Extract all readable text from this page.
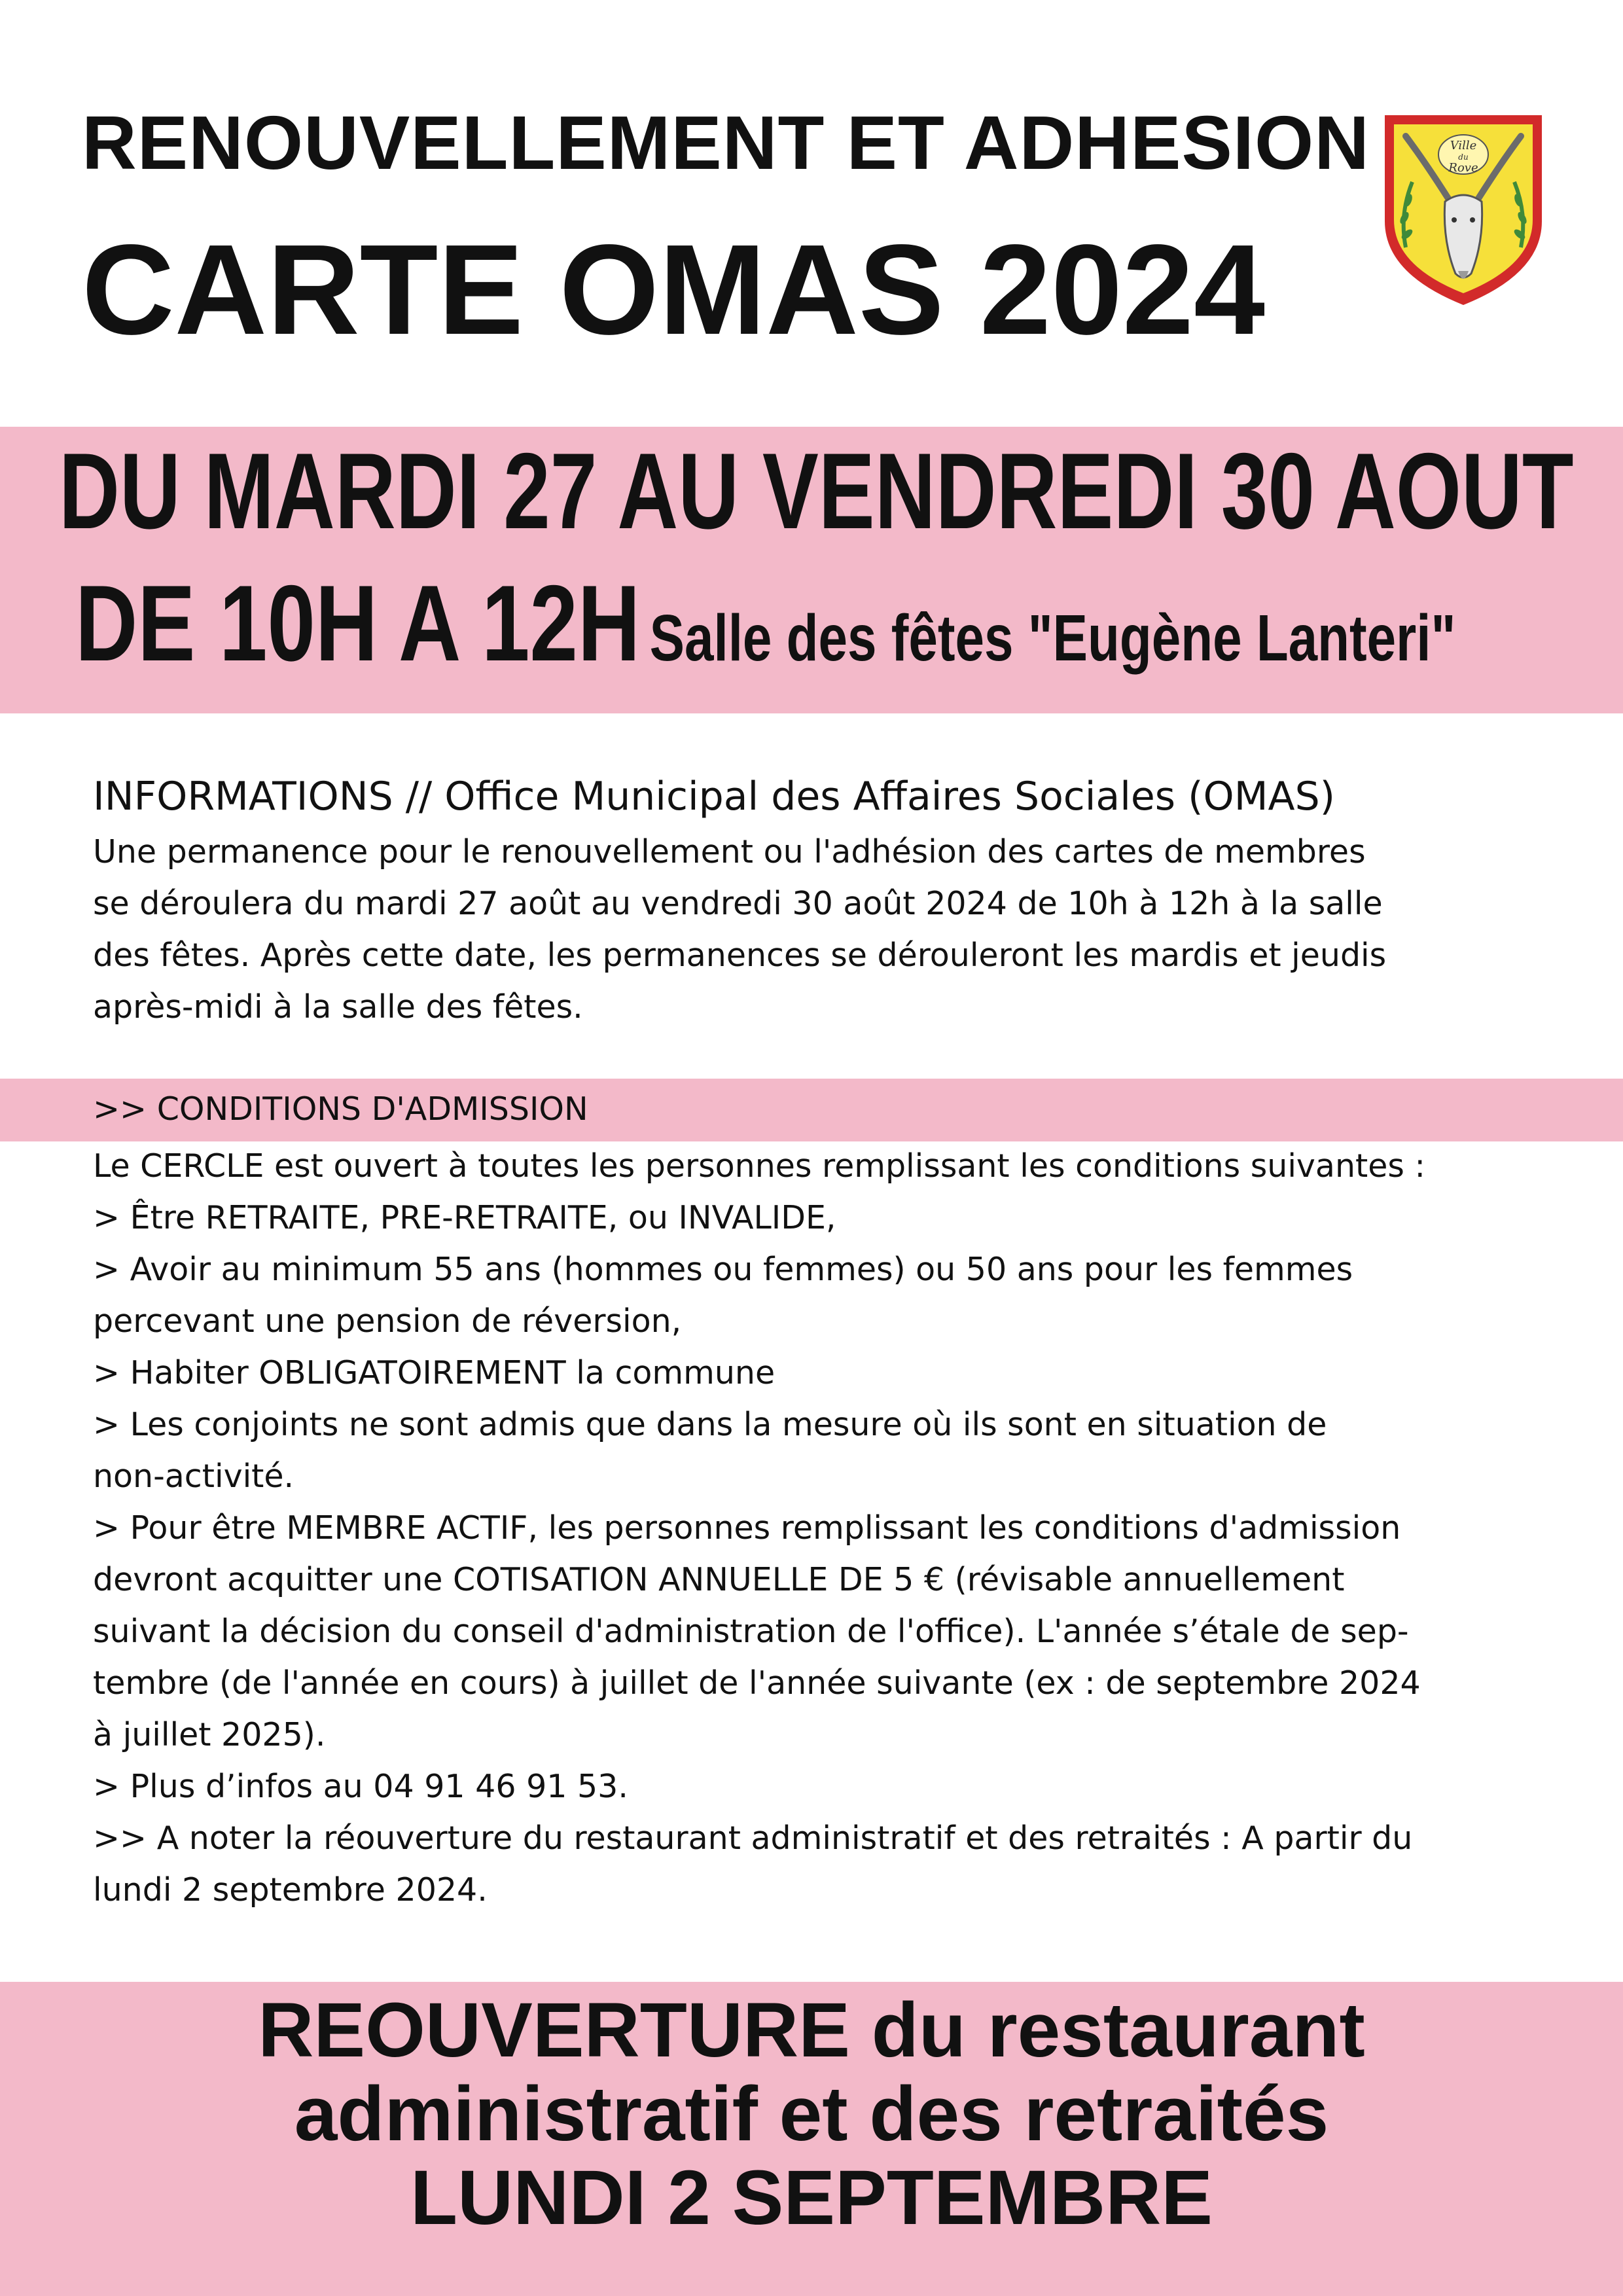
RENOUVELLEMENT ET ADHESION
CARTE OMAS 2024
Ville
du
Rove
DU MARDI 27 AU VENDREDI 30 AOUT
DE 10H A 12H Salle des fêtes "Eugène Lanteri"
INFORMATIONS // Office Municipal des Affaires Sociales (OMAS)
Une permanence pour le renouvellement ou l'adhésion des cartes de membres
se déroulera du mardi 27 août au vendredi 30 août 2024 de 10h à 12h à la salle
des fêtes. Après cette date, les permanences se dérouleront les mardis et jeudis
après-midi à la salle des fêtes.
>> CONDITIONS D'ADMISSION
Le CERCLE est ouvert à toutes les personnes remplissant les conditions suivantes :
> Être RETRAITE, PRE-RETRAITE, ou INVALIDE,
> Avoir au minimum 55 ans (hommes ou femmes) ou 50 ans pour les femmes
percevant une pension de réversion,
> Habiter OBLIGATOIREMENT la commune
> Les conjoints ne sont admis que dans la mesure où ils sont en situation de
non-activité.
> Pour être MEMBRE ACTIF, les personnes remplissant les conditions d'admission
devront acquitter une COTISATION ANNUELLE DE 5 € (révisable annuellement
suivant la décision du conseil d'administration de l'office). L'année s’étale de sep-
tembre (de l'année en cours) à juillet de l'année suivante (ex : de septembre 2024
à juillet 2025).
> Plus d’infos au 04 91 46 91 53.
>> A noter la réouverture du restaurant administratif et des retraités : A partir du
lundi 2 septembre 2024.
REOUVERTURE du restaurant
administratif et des retraités
LUNDI 2 SEPTEMBRE
